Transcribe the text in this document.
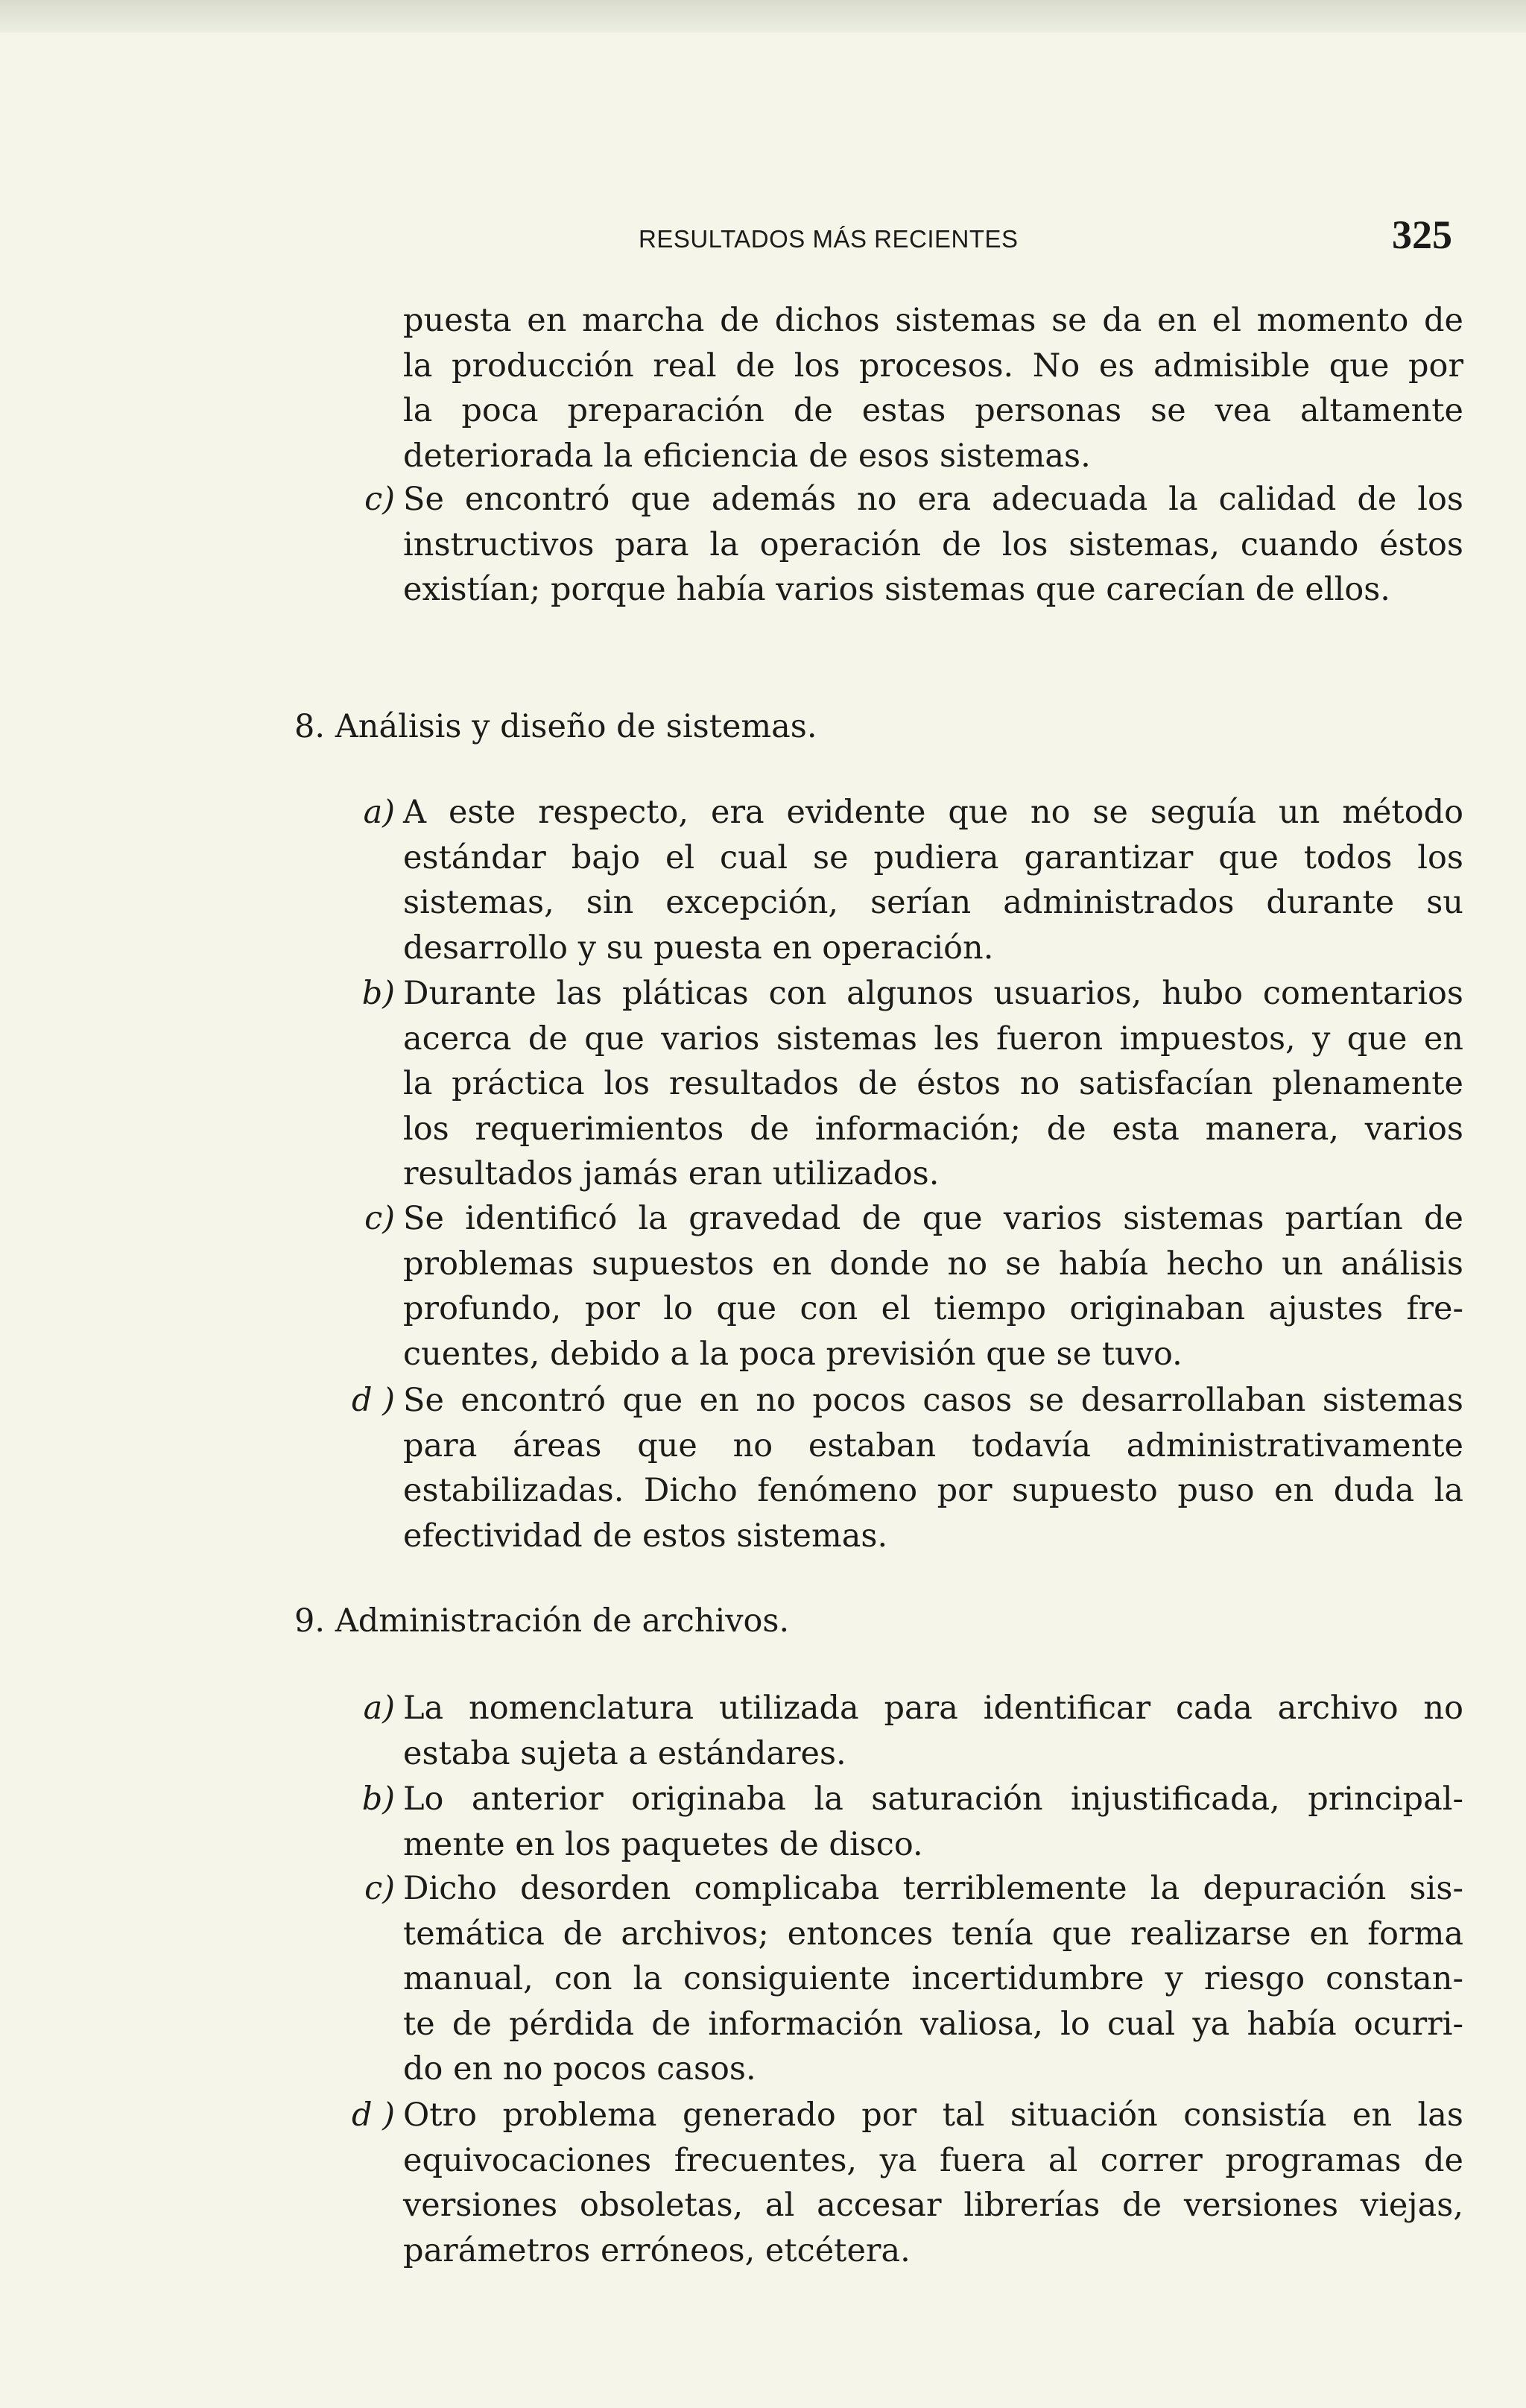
RESULTADOS MÁS RECIENTES	325
puesta en marcha de dichos sistemas se da en el momento de
la producción real de los procesos. No es admisible que por
la poca preparación de estas personas se vea altamente
deteriorada la eficiencia de esos sistemas.
c) Se encontró que además no era adecuada la calidad de los
instructivos para la operación de los sistemas, cuando éstos
existían; porque había varios sistemas que carecían de ellos.
8. Análisis y diseño de sistemas.
a) A este respecto, era evidente que no se seguía un método
estándar bajo el cual se pudiera garantizar que todos los
sistemas, sin excepción, serían administrados durante su
desarrollo y su puesta en operación.
b) Durante las pláticas con algunos usuarios, hubo comentarios
acerca de que varios sistemas les fueron impuestos, y que en
la práctica los resultados de éstos no satisfacían plenamente
los requerimientos de información; de esta manera, varios
resultados jamás eran utilizados.
c) Se identificó la gravedad de que varios sistemas partían de
problemas supuestos en donde no se había hecho un análisis
profundo, por lo que con el tiempo originaban ajustes fre-
cuentes, debido a la poca previsión que se tuvo.
d ) Se encontró que en no pocos casos se desarrollaban sistemas
para áreas que no estaban todavía administrativamente
estabilizadas. Dicho fenómeno por supuesto puso en duda la
efectividad de estos sistemas.
9. Administración de archivos.
a) La nomenclatura utilizada para identificar cada archivo no
estaba sujeta a estándares.
b) Lo anterior originaba la saturación injustificada, principal-
mente en los paquetes de disco.
c) Dicho desorden complicaba terriblemente la depuración sis-
temática de archivos; entonces tenía que realizarse en forma
manual, con la consiguiente incertidumbre y riesgo constan-
te de pérdida de información valiosa, lo cual ya había ocurri-
do en no pocos casos.
d ) Otro problema generado por tal situación consistía en las
equivocaciones frecuentes, ya fuera al correr programas de
versiones obsoletas, al accesar librerías de versiones viejas,
parámetros erróneos, etcétera.
